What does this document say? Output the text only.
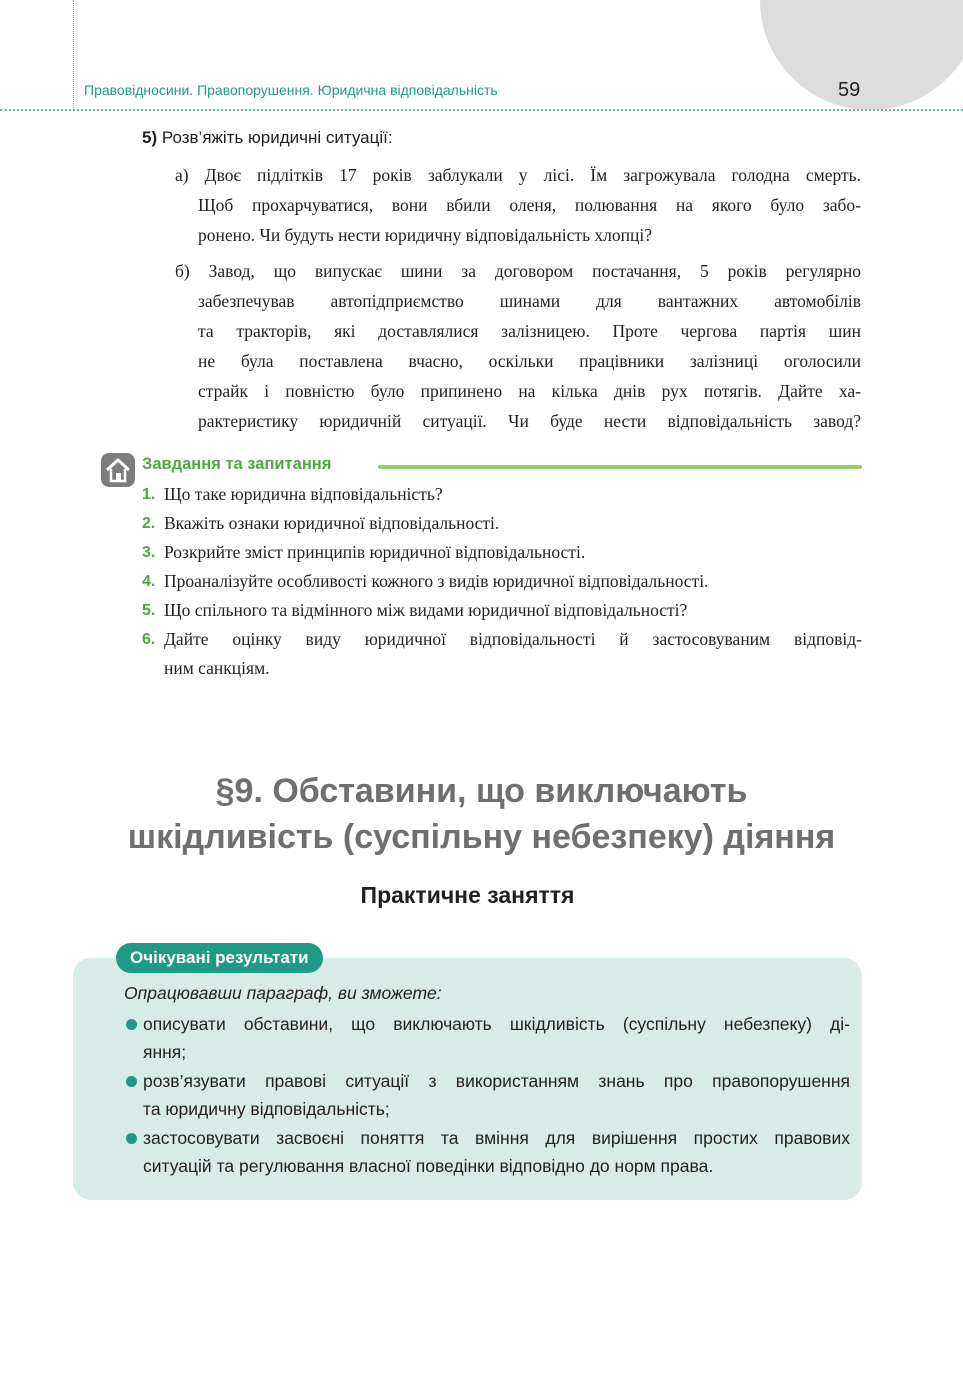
Правовідносини. Правопорушення. Юридична відповідальність	59
5) Розв’яжіть юридичні ситуації:
а) Двоє підлітків 17 років заблукали у лісі. Їм загрожувала голодна смерть.
Щоб прохарчуватися, вони вбили оленя, полювання на якого було забо-
ронено. Чи будуть нести юридичну відповідальність хлопці?
б) Завод, що випускає шини за договором постачання, 5 років регулярно
забезпечував автопідприємство шинами для вантажних автомобілів
та тракторів, які доставлялися залізницею. Проте чергова партія шин
не була поставлена вчасно, оскільки працівники залізниці оголосили
страйк і повністю було припинено на кілька днів рух потягів. Дайте ха-
рактеристику юридичній ситуації. Чи буде нести відповідальність завод?
Завдання та запитання
1. Що таке юридична відповідальність?
2. Вкажіть ознаки юридичної відповідальності.
3. Розкрийте зміст принципів юридичної відповідальності.
4. Проаналізуйте особливості кожного з видів юридичної відповідальності.
5. Що спільного та відмінного між видами юридичної відповідальності?
6. Дайте оцінку виду юридичної відповідальності й застосовуваним відповід-
ним санкціям.
§9. Обставини, що виключають
шкідливість (суспільну небезпеку) діяння
Практичне заняття
Очікувані результати
Опрацювавши параграф, ви зможете:
описувати обставини, що виключають шкідливість (суспільну небезпеку) ді-
яння;
розв’язувати правові ситуації з використанням знань про правопорушення
та юридичну відповідальність;
застосовувати засвоєні поняття та вміння для вирішення простих правових
ситуацій та регулювання власної поведінки відповідно до норм права.
